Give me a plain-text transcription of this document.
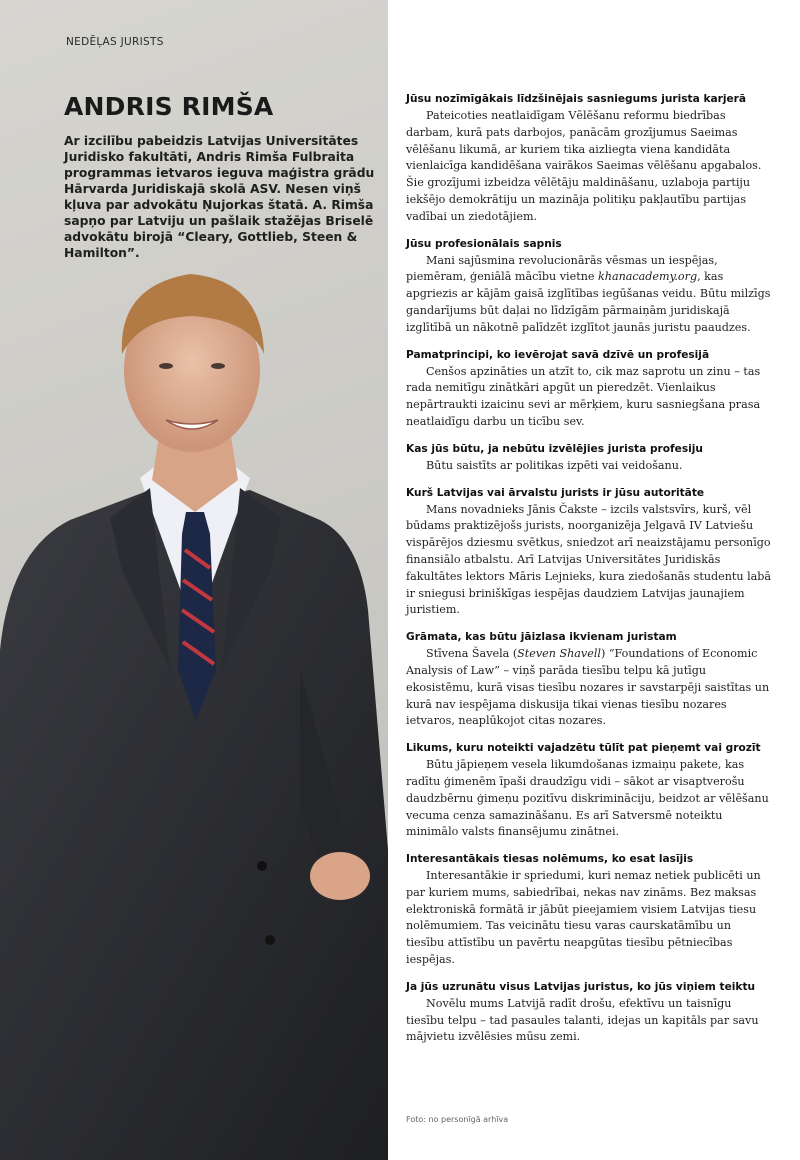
NEDĒĻAS JURISTS
ANDRIS RIMŠA

Ar izcilību pabeidzis Latvijas Universitātes Juridisko fakultāti, Andris Rimša Fulbraita programmas ietvaros ieguva maģistra grādu Hārvarda Juridiskajā skolā ASV. Nesen viņš kļuva par advokātu Ņujorkas štatā. A. Rimša sapņo par Latviju un pašlaik stažējas Briselē advokātu birojā “Cleary, Gottlieb, Steen & Hamilton”.

Jūsu nozīmīgākais līdzšinējais sasniegums jurista karjerā

Pateicoties neatlaidīgam Vēlēšanu reformu biedrības darbam, kurā pats darbojos, panācām grozījumus Saeimas vēlēšanu likumā, ar kuriem tika aizliegta viena kandidāta vienlaicīga kandidēšana vairākos Saeimas vēlēšanu apgabalos. Šie grozījumi izbeidza vēlētāju maldināšanu, uzlaboja partiju iekšējo demokrātiju un mazināja politiķu pakļautību partijas vadībai un ziedotājiem.

Jūsu profesionālais sapnis

Mani sajūsmina revolucionārās vēsmas un iespējas, piemēram, ģeniālā mācību vietne khanacademy.org, kas apgriezis ar kājām gaisā izglītības iegūšanas veidu. Būtu milzīgs gandarījums būt daļai no līdzīgām pārmaiņām juridiskajā izglītībā un nākotnē palīdzēt izglītot jaunās juristu paaudzes.

Pamatprincipi, ko ievērojat savā dzīvē un profesijā

Cenšos apzināties un atzīt to, cik maz saprotu un zinu – tas rada nemitīgu zinātkāri apgūt un pieredzēt. Vienlaikus nepārtraukti izaicinu sevi ar mērķiem, kuru sasniegšana prasa neatlaidīgu darbu un ticību sev.

Kas jūs būtu, ja nebūtu izvēlējies jurista profesiju

Būtu saistīts ar politikas izpēti vai veidošanu.

Kurš Latvijas vai ārvalstu jurists ir jūsu autoritāte

Mans novadnieks Jānis Čakste – izcils valstsvīrs, kurš, vēl būdams praktizējošs jurists, noorganizēja Jelgavā IV Latviešu vispārējos dziesmu svētkus, sniedzot arī neaizstājamu personīgo finansiālo atbalstu. Arī Latvijas Universitātes Juridiskās fakultātes lektors Māris Lejnieks, kura ziedošanās studentu labā ir sniegusi briniškīgas iespējas daudziem Latvijas jaunajiem juristiem.

Grāmata, kas būtu jāizlasa ikvienam juristam

Stīvena Šavela (Steven Shavell) “Foundations of Economic Analysis of Law” – viņš parāda tiesību telpu kā jutīgu ekosistēmu, kurā visas tiesību nozares ir savstarpēji saistītas un kurā nav iespējama diskusija tikai vienas tiesību nozares ietvaros, neaplūkojot citas nozares.

Likums, kuru noteikti vajadzētu tūlīt pat pieņemt vai grozīt

Būtu jāpieņem vesela likumdošanas izmaiņu pakete, kas radītu ģimenēm īpaši draudzīgu vidi – sākot ar visaptverošu daudzbērnu ģimeņu pozitīvu diskrimināciju, beidzot ar vēlēšanu vecuma cenza samazināšanu. Es arī Satversmē noteiktu minimālo valsts finansējumu zinātnei.

Interesantākais tiesas nolēmums, ko esat lasījis

Interesantākie ir spriedumi, kuri nemaz netiek publicēti un par kuriem mums, sabiedrībai, nekas nav zināms. Bez maksas elektroniskā formātā ir jābūt pieejamiem visiem Latvijas tiesu nolēmumiem. Tas veicinātu tiesu varas caurskatāmību un tiesību attīstību un pavērtu neapgūtas tiesību pētniecības iespējas.

Ja jūs uzrunātu visus Latvijas juristus, ko jūs viņiem teiktu

Novēlu mums Latvijā radīt drošu, efektīvu un taisnīgu tiesību telpu – tad pasaules talanti, idejas un kapitāls par savu mājvietu izvēlēsies mūsu zemi.

Foto: no personīgā arhīva
